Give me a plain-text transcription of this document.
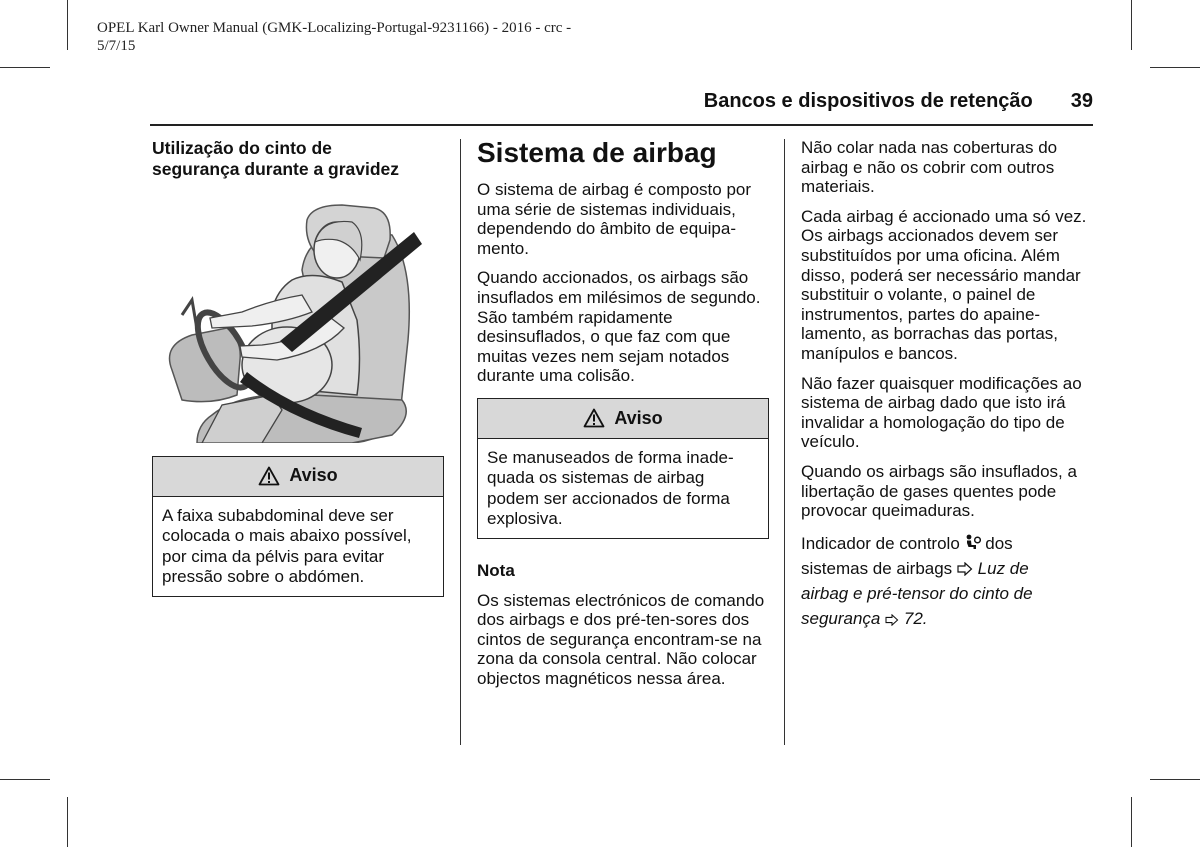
OPEL Karl Owner Manual (GMK-Localizing-Portugal-9231166) - 2016 - crc -
5/7/15
Bancos e dispositivos de retenção 39

Utilização do cinto de
segurança durante a gravidez

Aviso
A faixa subabdominal deve ser colocada o mais abaixo possível, por cima da pélvis para evitar pressão sobre o abdómen.

Sistema de airbag

O sistema de airbag é composto por uma série de sistemas individuais, dependendo do âmbito de equipa-mento.

Quando accionados, os airbags são insuflados em milésimos de segundo. São também rapidamente desinsuflados, o que faz com que muitas vezes nem sejam notados durante uma colisão.

Aviso
Se manuseados de forma inade-quada os sistemas de airbag podem ser accionados de forma explosiva.

Nota

Os sistemas electrónicos de comando dos airbags e dos pré-ten-sores dos cintos de segurança encontram-se na zona da consola central. Não colocar objectos magnéticos nessa área.

Não colar nada nas coberturas do airbag e não os cobrir com outros materiais.

Cada airbag é accionado uma só vez. Os airbags accionados devem ser substituídos por uma oficina. Além disso, poderá ser necessário mandar substituir o volante, o painel de instrumentos, partes do apaine-lamento, as borrachas das portas, manípulos e bancos.

Não fazer quaisquer modificações ao sistema de airbag dado que isto irá invalidar a homologação do tipo de veículo.

Quando os airbags são insuflados, a libertação de gases quentes pode provocar queimaduras.

Indicador de controlo dos
sistemas de airbags Luz de
airbag e pré-tensor do cinto de
segurança 72.
